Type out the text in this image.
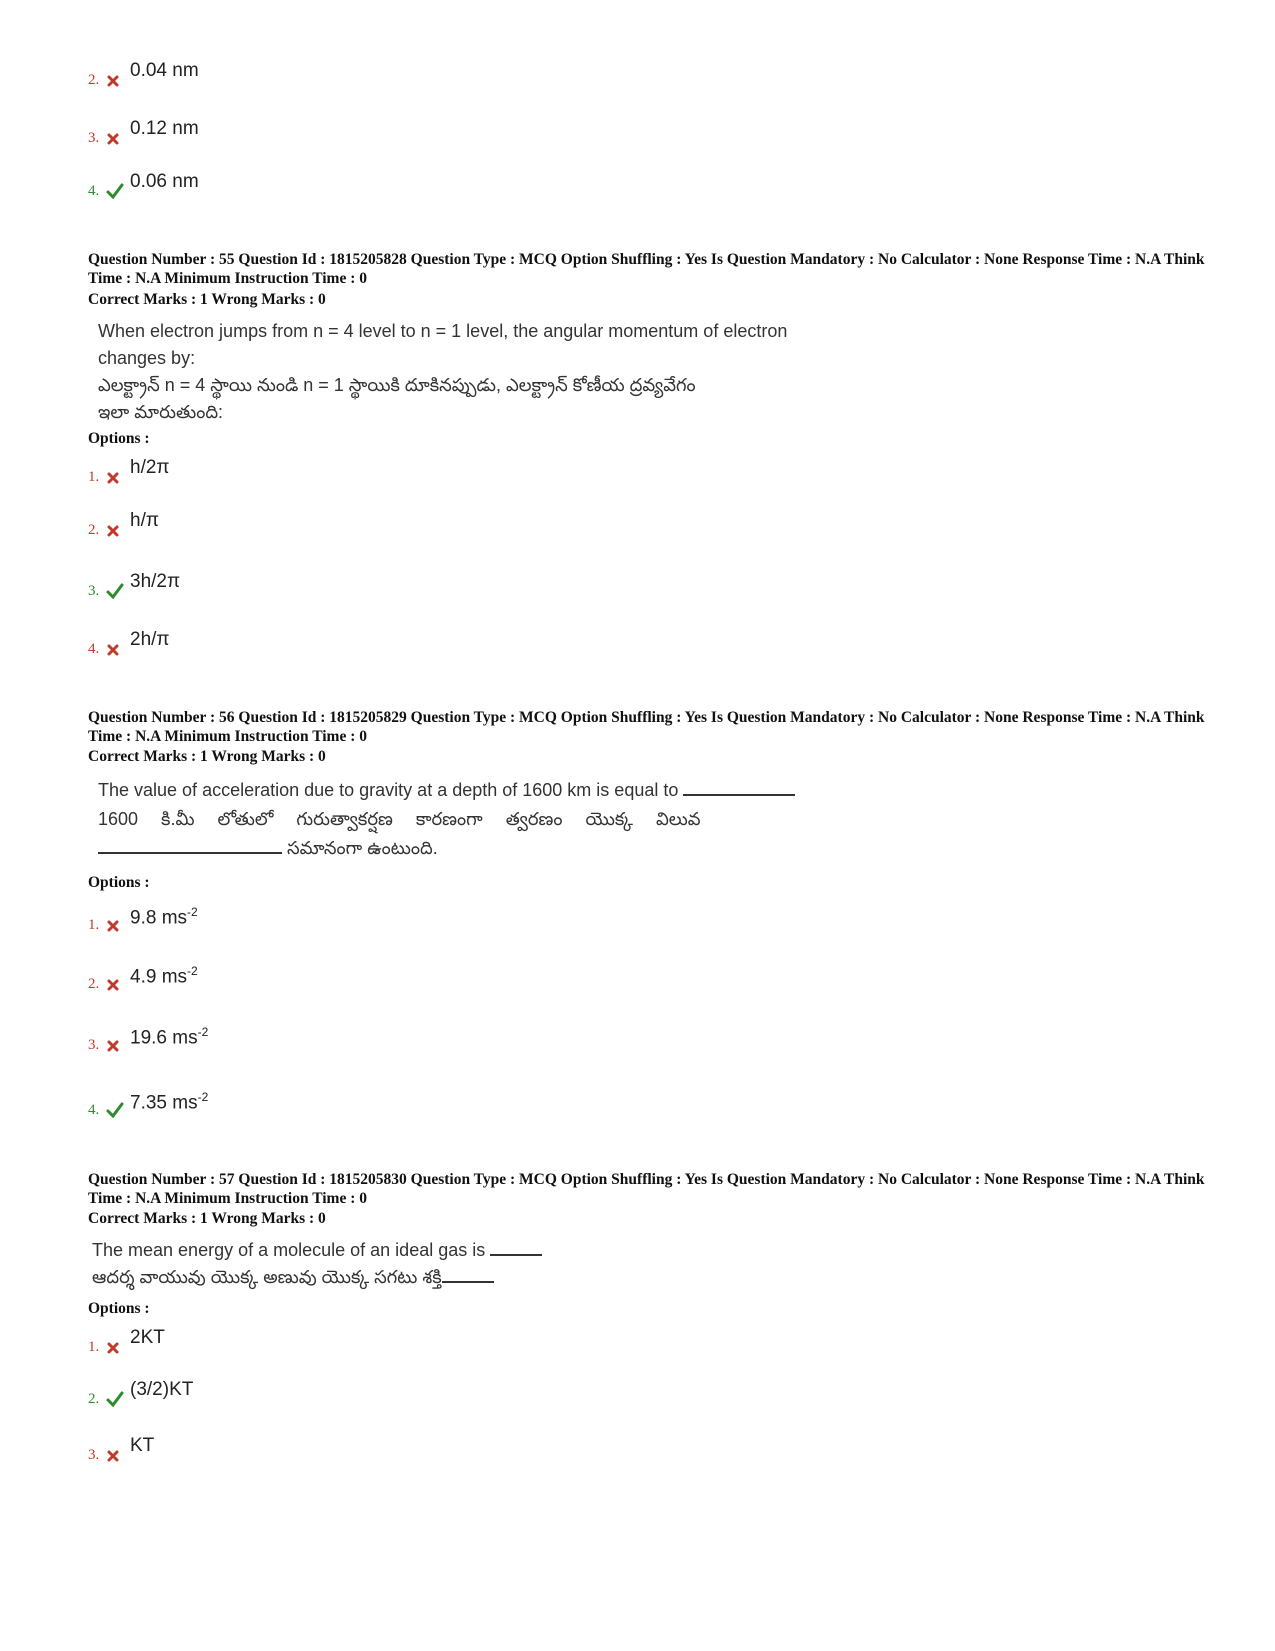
2. 0.04 nm
3. 0.12 nm
4. 0.06 nm
Question Number : 55 Question Id : 1815205828 Question Type : MCQ Option Shuffling : Yes Is Question Mandatory : No Calculator : None Response Time : N.A Think Time : N.A Minimum Instruction Time : 0
Correct Marks : 1 Wrong Marks : 0
When electron jumps from n = 4 level to n = 1 level, the angular momentum of electron
changes by:
ఎలక్ట్రాన్ n = 4 స్థాయి నుండి n = 1 స్థాయికి దూకినప్పుడు, ఎలక్ట్రాన్ కోణీయ ద్రవ్యవేగం
ఇలా మారుతుంది:
Options :
1. h/2π
2. h/π
3. 3h/2π
4. 2h/π
Question Number : 56 Question Id : 1815205829 Question Type : MCQ Option Shuffling : Yes Is Question Mandatory : No Calculator : None Response Time : N.A Think Time : N.A Minimum Instruction Time : 0
Correct Marks : 1 Wrong Marks : 0
The value of acceleration due to gravity at a depth of 1600 km is equal to
1600 కి.మీ లోతులో గురుత్వాకర్షణ కారణంగా త్వరణం యొక్క విలువ
సమానంగా ఉంటుంది.
Options :
1. 9.8 $ms^{-2}$
2. 4.9 $ms^{-2}$
3. 19.6 $ms^{-2}$
4. 7.35 $ms^{-2}$
Question Number : 57 Question Id : 1815205830 Question Type : MCQ Option Shuffling : Yes Is Question Mandatory : No Calculator : None Response Time : N.A Think Time : N.A Minimum Instruction Time : 0
Correct Marks : 1 Wrong Marks : 0
The mean energy of a molecule of an ideal gas is
ఆదర్శ వాయువు యొక్క అణువు యొక్క సగటు శక్తి
Options :
1. 2KT
2. (3/2)KT
3. KT
